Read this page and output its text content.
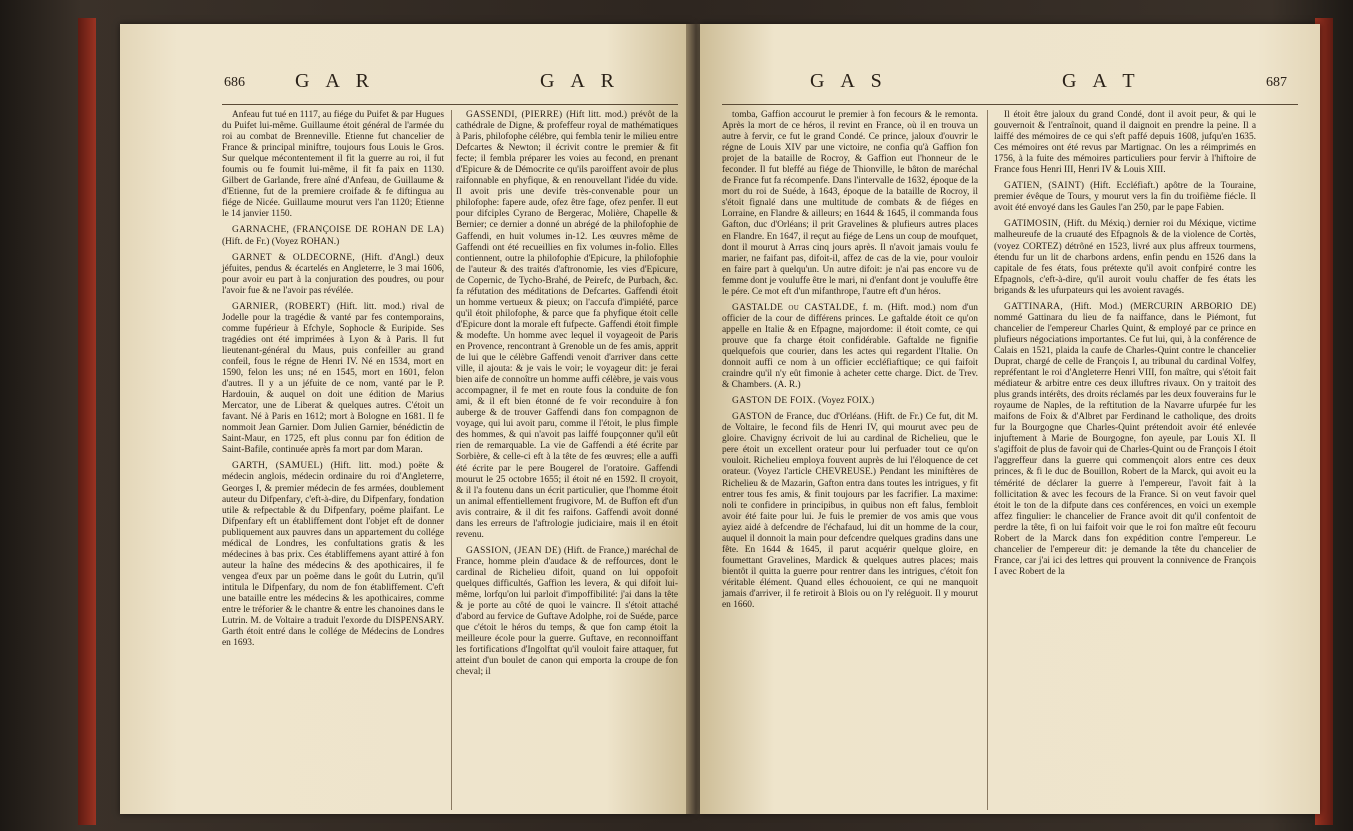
686	G A R	G A R

Anfeau fut tué en 1117, au fiége du Puifet & par Hugues du Puifet lui-même. Guillaume étoit général de l'armée du roi au combat de Brenneville. Etienne fut chancelier de France & principal miniftre, toujours fous Louis le Gros. Sur quelque mécontentement il fit la guerre au roi, il fut foumis ou fe foumit lui-même, il fit fa paix en 1130. Gilbert de Garlande, frere aîné d'Anfeau, de Guillaume & d'Etienne, fut de la premiere croifade & fe diftingua au fiége de Nicée. Guillaume mourut vers l'an 1120; Etienne le 14 janvier 1150.

GARNACHE, (FRANÇOISE DE ROHAN DE LA) (Hift. de Fr.) (Voyez ROHAN.)

GARNET & OLDECORNE, (Hift. d'Angl.) deux jéfuites, pendus & écartelés en Angleterre, le 3 mai 1606, pour avoir eu part à la conjuration des poudres, ou pour l'avoir fue & ne l'avoir pas révélée.

GARNIER, (ROBERT) (Hift. litt. mod.) rival de Jodelle pour la tragédie & vanté par fes contemporains, comme fupérieur à Efchyle, Sophocle & Euripide. Ses tragédies ont été imprimées à Lyon & à Paris. Il fut lieutenant-général du Maus, puis confeiller au grand confeil, fous le régne de Henri IV. Né en 1534, mort en 1590, felon les uns; né en 1545, mort en 1601, felon d'autres. Il y a un jéfuite de ce nom, vanté par le P. Hardouin, & auquel on doit une édition de Marius Mercator, une de Liberat & quelques autres. C'étoit un favant. Né à Paris en 1612; mort à Bologne en 1681. Il fe nommoit Jean Garnier. Dom Julien Garnier, bénédictin de Saint-Maur, en 1725, eft plus connu par fon édition de Saint-Bafile, continuée après fa mort par dom Maran.

GARTH, (SAMUEL) (Hift. litt. mod.) poëte & médecin anglois, médecin ordinaire du roi d'Angleterre, Georges I, & premier médecin de fes armées, doublement auteur du Difpenfary, c'eft-à-dire, du Difpenfary, fondation utile & refpectable & du Difpenfary, poëme plaifant. Le Difpenfary eft un établiffement dont l'objet eft de donner publiquement aux pauvres dans un appartement du collége médical de Londres, les confultations gratis & les médecines à bas prix. Ces établiffemens ayant attiré à fon auteur la haîne des médecins & des apothicaires, il fe vengea d'eux par un poëme dans le goût du Lutrin, qu'il intitula le Difpenfary, du nom de fon établiffement. C'eft une bataille entre les médecins & les apothicaires, comme entre le tréforier & le chantre & entre les chanoines dans le Lutrin. M. de Voltaire a traduit l'exorde du DISPENSARY. Garth étoit entré dans le collége de Médecins de Londres en 1693.

GASSENDI, (PIERRE) (Hift litt. mod.) prévôt de la cathédrale de Digne, & profeffeur royal de mathématiques à Paris, philofophe célébre, qui fembla tenir le milieu entre Defcartes & Newton; il écrivit contre le premier & fit fecte; il fembla préparer les voies au fecond, en prenant d'Epicure & de Démocrite ce qu'ils paroiffent avoir de plus raifonnable en phyfique, & en renouvellant l'idée du vide. Il avoit pris une devife très-convenable pour un philofophe: fapere aude, ofez être fage, ofez penfer. Il eut pour difciples Cyrano de Bergerac, Molière, Chapelle & Bernier; ce dernier a donné un abrégé de la philofophie de Gaffendi, en huit volumes in-12. Les œuvres même de Gaffendi ont été recueillies en fix volumes in-folio. Elles contiennent, outre la philofophie d'Epicure, la philofophie de l'auteur & des traités d'aftronomie, les vies d'Epicure, de Copernic, de Tycho-Brahé, de Peirefc, de Purbach, &c. fa réfutation des méditations de Defcartes. Gaffendi étoit un homme vertueux & pieux; on l'accufa d'impiété, parce qu'il étoit philofophe, & parce que fa phyfique étoit celle d'Epicure dont la morale eft fufpecte. Gaffendi étoit fimple & modefte. Un homme avec lequel il voyageoit de Paris en Provence, rencontrant à Grenoble un de fes amis, apprit de lui que le célèbre Gaffendi venoit d'arriver dans cette ville, il ajouta: & je vais le voir; le voyageur dit: je ferai bien aife de connoître un homme auffi célèbre, je vais vous accompagner, il fe met en route fous la conduite de fon ami, & il eft bien étonné de fe voir reconduire à fon auberge & de trouver Gaffendi dans fon compagnon de voyage, qui lui avoit paru, comme il l'étoit, le plus fimple des hommes, & qui n'avoit pas laiffé foupçonner qu'il eût rien de remarquable. La vie de Gaffendi a été écrite par Sorbière, & celle-ci eft à la tête de fes œuvres; elle a auffi été écrite par le pere Bougerel de l'oratoire. Gaffendi mourut le 25 octobre 1655; il étoit né en 1592. Il croyoit, & il l'a foutenu dans un écrit particulier, que l'homme étoit un animal effentiellement frugivore, M. de Buffon eft d'un avis contraire, & il dit fes raifons. Gaffendi avoit donné dans les erreurs de l'aftrologie judiciaire, mais il en étoit revenu.

GASSION, (JEAN DE) (Hift. de France,) maréchal de France, homme plein d'audace & de reffources, dont le cardinal de Richelieu difoit, quand on lui oppofoit quelques difficultés, Gaffion les levera, & qui difoit lui-même, lorfqu'on lui parloit d'impoffibilité: j'ai dans la tête & je porte au côté de quoi le vaincre. Il s'étoit attaché d'abord au fervice de Guftave Adolphe, roi de Suéde, parce que c'étoit le héros du temps, & que fon camp étoit la meilleure école pour la guerre. Guftave, en reconnoiffant les fortifications d'Ingolftat qu'il vouloit faire attaquer, fut atteint d'un boulet de canon qui emporta la croupe de fon cheval; il

G A S	G A T	687

tomba, Gaffion accourut le premier à fon fecours & le remonta. Après la mort de ce héros, il revint en France, où il en trouva un autre à fervir, ce fut le grand Condé. Ce prince, jaloux d'ouvrir le régne de Louis XIV par une victoire, ne confia qu'à Gaffion fon projet de la bataille de Rocroy, & Gaffion eut l'honneur de le feconder. Il fut bleffé au fiége de Thionville, le bâton de maréchal de France fut fa récompenfe. Dans l'intervalle de 1632, époque de la mort du roi de Suéde, à 1643, époque de la bataille de Rocroy, il s'étoit fignalé dans une multitude de combats & de fiéges en Lorraine, en Flandre & ailleurs; en 1644 & 1645, il commanda fous Gafton, duc d'Orléans; il prit Gravelines & plufieurs autres places en Flandre. En 1647, il reçut au fiége de Lens un coup de moufquet, dont il mourut à Arras cinq jours après. Il n'avoit jamais voulu fe marier, ne faifant pas, difoit-il, affez de cas de la vie, pour vouloir en faire part à quelqu'un. Un autre difoit: je n'ai pas encore vu de femme dont je vouluffe être le mari, ni d'enfant dont je vouluffe être le pére. Ce mot eft d'un mifanthrope, l'autre eft d'un héros.

GASTALDE ou CASTALDE, f. m. (Hift. mod.) nom d'un officier de la cour de différens princes. Le gaftalde étoit ce qu'on appelle en Italie & en Efpagne, majordome: il étoit comte, ce qui prouve que fa charge étoit confidérable. Gaftalde ne fignifie quelquefois que courier, dans les actes qui regardent l'Italie. On donnoit auffi ce nom à un officier eccléfiaftique; ce qui faifoit craindre qu'il n'y eût fimonie à acheter cette charge. Dict. de Trev. & Chambers. (A. R.)

GASTON DE FOIX. (Voyez FOIX.)

GASTON de France, duc d'Orléans. (Hift. de Fr.) Ce fut, dit M. de Voltaire, le fecond fils de Henri IV, qui mourut avec peu de gloire. Chavigny écrivoit de lui au cardinal de Richelieu, que le pere étoit un excellent orateur pour lui perfuader tout ce qu'on vouloit. Richelieu employa fouvent auprès de lui l'éloquence de cet orateur. (Voyez l'article CHEVREUSE.) Pendant les miniftères de Richelieu & de Mazarin, Gafton entra dans toutes les intrigues, y fit entrer tous fes amis, & finit toujours par les facrifier. La maxime: noli te confidere in principibus, in quibus non eft falus, fembloit avoir été faite pour lui. Je fuis le premier de vos amis que vous ayiez aidé à defcendre de l'échafaud, lui dit un homme de la cour, auquel il donnoit la main pour defcendre quelques gradins dans une fête. En 1644 & 1645, il parut acquérir quelque gloire, en foumettant Gravelines, Mardick & quelques autres places; mais bientôt il quitta la guerre pour rentrer dans les intrigues, c'étoit fon véritable élément. Quand elles échouoient, ce qui ne manquoit jamais d'arriver, il fe retiroit à Blois ou on l'y reléguoit. Il y mourut en 1660.

Il étoit être jaloux du grand Condé, dont il avoit peur, & qui le gouvernoit & l'entraînoit, quand il daignoit en prendre la peine. Il a laiffé des mémoires de ce qui s'eft paffé depuis 1608, jufqu'en 1635. Ces mémoires ont été revus par Martignac. On les a réimprimés en 1756, à la fuite des mémoires particuliers pour fervir à l'hiftoire de France fous Henri III, Henri IV & Louis XIII.

GATIEN, (SAINT) (Hift. Eccléfiaft.) apôtre de la Touraine, premier évêque de Tours, y mourut vers la fin du troifième fiécle. Il avoit été envoyé dans les Gaules l'an 250, par le pape Fabien.

GATIMOSIN, (Hift. du Méxiq.) dernier roi du Méxique, victime malheureufe de la cruauté des Efpagnols & de la violence de Cortès, (voyez CORTEZ) détrôné en 1523, livré aux plus affreux tourmens, étendu fur un lit de charbons ardens, enfin pendu en 1526 dans la capitale de fes états, fous prétexte qu'il avoit confpiré contre les Efpagnols, c'eft-à-dire, qu'il auroit voulu chaffer de fes états les brigands & les ufurpateurs qui les avoient ravagés.

GATTINARA, (Hift. Mod.) (MERCURIN ARBORIO DE) nommé Gattinara du lieu de fa naiffance, dans le Piémont, fut chancelier de l'empereur Charles Quint, & employé par ce prince en plufieurs négociations importantes. Ce fut lui, qui, à la conférence de Calais en 1521, plaida la caufe de Charles-Quint contre le chancelier Duprat, chargé de celle de François I, au tribunal du cardinal Volfey, repréfentant le roi d'Angleterre Henri VIII, fon maître, qui s'étoit fait médiateur & arbitre entre ces deux illuftres rivaux. On y traitoit des plus grands intérêts, des droits réclamés par les deux fouverains fur le royaume de Naples, de la reftitution de la Navarre ufurpée fur les maifons de Foix & d'Albret par Ferdinand le catholique, des droits fur la Bourgogne que Charles-Quint prétendoit avoir été enlevée injuftement à Marie de Bourgogne, fon ayeule, par Louis XI. Il s'agiffoit de plus de favoir qui de Charles-Quint ou de François I étoit l'aggreffeur dans la guerre qui commençoit alors entre ces deux princes, & fi le duc de Bouillon, Robert de la Marck, qui avoit eu la témérité de déclarer la guerre à l'empereur, l'avoit fait à la follicitation & avec les fecours de la France. Si on veut favoir quel étoit le ton de la difpute dans ces conférences, en voici un exemple affez fingulier: le chancelier de France avoit dit qu'il confentoit de perdre la tête, fi on lui faifoit voir que le roi fon maître eût fecouru Robert de la Marck dans fon expédition contre l'empereur. Le chancelier de l'empereur dit: je demande la tête du chancelier de France, car j'ai ici des lettres qui prouvent la connivence de François I avec Robert de la
